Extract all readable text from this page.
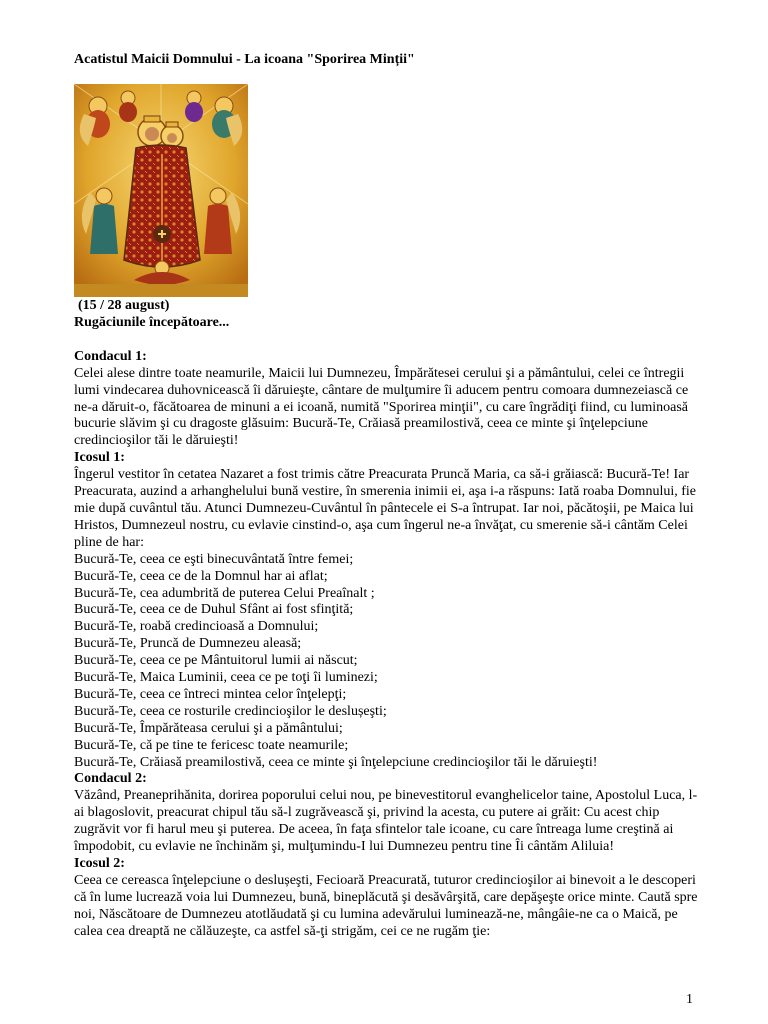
Acatistul Maicii Domnului - La icoana "Sporirea Minții"
(15 / 28 august)
Rugăciunile începătoare...
Condacul 1:

Celei alese dintre toate neamurile, Maicii lui Dumnezeu, Împărătesei cerului şi a pământului, celei ce întregii lumi vindecarea duhovnicească îi dăruieşte, cântare de mulţumire îi aducem pentru comoara dumnezeiască ce ne-a dăruit-o, făcătoarea de minuni a ei icoană, numită "Sporirea minţii", cu care îngrădiţi fiind, cu luminoasă bucurie slăvim şi cu dragoste glăsuim: Bucură-Te, Crăiasă preamilostivă, ceea ce minte şi înţelepciune credincioşilor tăi le dăruieşti!

Icosul 1:

Îngerul vestitor în cetatea Nazaret a fost trimis către Preacurata Pruncă Maria, ca să-i grăiască: Bucură-Te! Iar Preacurata, auzind a arhanghelului bună vestire, în smerenia inimii ei, aşa i-a răspuns: Iată roaba Domnului, fie mie după cuvântul tău. Atunci Dumnezeu-Cuvântul în pântecele ei S-a întrupat. Iar noi, păcătoşii, pe Maica lui Hristos, Dumnezeul nostru, cu evlavie cinstind-o, aşa cum îngerul ne-a învăţat, cu smerenie să-i cântăm Celei pline de har:

Bucură-Te, ceea ce eşti binecuvântată între femei;

Bucură-Te, ceea ce de la Domnul har ai aflat;

Bucură-Te, cea adumbrită de puterea Celui Preaînalt ;

Bucură-Te, ceea ce de Duhul Sfânt ai fost sfinţită;

Bucură-Te, roabă credincioasă a Domnului;

Bucură-Te, Pruncă de Dumnezeu aleasă;

Bucură-Te, ceea ce pe Mântuitorul lumii ai născut;

Bucură-Te, Maica Luminii, ceea ce pe toţi îi luminezi;

Bucură-Te, ceea ce întreci mintea celor înţelepţi;

Bucură-Te, ceea ce rosturile credincioşilor le deslușeşti;

Bucură-Te, Împărăteasa cerului şi a pământului;

Bucură-Te, că pe tine te fericesc toate neamurile;

Bucură-Te, Crăiasă preamilostivă, ceea ce minte şi înţelepciune credincioşilor tăi le dăruieşti!

Condacul 2:

Văzând, Preaneprihănita, dorirea poporului celui nou, pe binevestitorul evanghelicelor taine, Apostolul Luca, l-ai blagoslovit, preacurat chipul tău să-l zugrăvească şi, privind la acesta, cu putere ai grăit: Cu acest chip zugrăvit vor fi harul meu şi puterea. De aceea, în faţa sfintelor tale icoane, cu care întreaga lume creştină ai împodobit, cu evlavie ne închinăm şi, mulţumindu-I lui Dumnezeu pentru tine Îi cântăm Aliluia!

Icosul 2:

Ceea ce cereasca înţelepciune o deslușeşti, Fecioară Preacurată, tuturor credincioşilor ai binevoit a le descoperi că în lume lucrează voia lui Dumnezeu, bună, bineplăcută şi desăvârşită, care depăşeşte orice minte. Caută spre noi, Născătoare de Dumnezeu atotlăudată şi cu lumina adevărului luminează-ne, mângâie-ne ca o Maică, pe calea cea dreaptă ne călăuzeşte, ca astfel să-ţi strigăm, cei ce ne rugăm ţie:

1
